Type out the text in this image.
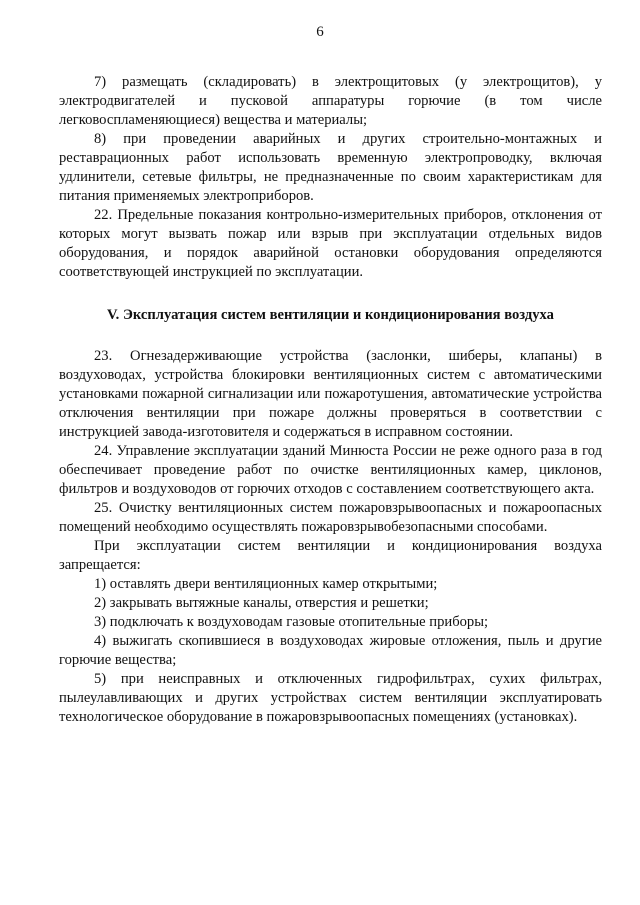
6

7) размещать (складировать) в электрощитовых (у электрощитов), у электродвигателей и пусковой аппаратуры горючие (в том числе легковоспламеняющиеся) вещества и материалы;

8) при проведении аварийных и других строительно-монтажных и реставрационных работ использовать временную электропроводку, включая удлинители, сетевые фильтры, не предназначенные по своим характеристикам для питания применяемых электроприборов.

22. Предельные показания контрольно-измерительных приборов, отклонения от которых могут вызвать пожар или взрыв при эксплуатации отдельных видов оборудования, и порядок аварийной остановки оборудования определяются соответствующей инструкцией по эксплуатации.

V. Эксплуатация систем вентиляции и кондиционирования воздуха

23. Огнезадерживающие устройства (заслонки, шиберы, клапаны) в воздуховодах, устройства блокировки вентиляционных систем с автоматическими установками пожарной сигнализации или пожаротушения, автоматические устройства отключения вентиляции при пожаре должны проверяться в соответствии с инструкцией завода-изготовителя и содержаться в исправном состоянии.

24. Управление эксплуатации зданий Минюста России не реже одного раза в год обеспечивает проведение работ по очистке вентиляционных камер, циклонов, фильтров и воздуховодов от горючих отходов с составлением соответствующего акта.

25. Очистку вентиляционных систем пожаровзрывоопасных и пожароопасных помещений необходимо осуществлять пожаровзрывобезопасными способами.

При эксплуатации систем вентиляции и кондиционирования воздуха запрещается:

1) оставлять двери вентиляционных камер открытыми;

2) закрывать вытяжные каналы, отверстия и решетки;

3) подключать к воздуховодам газовые отопительные приборы;

4) выжигать скопившиеся в воздуховодах жировые отложения, пыль и другие горючие вещества;

5) при неисправных и отключенных гидрофильтрах, сухих фильтрах, пылеулавливающих и других устройствах систем вентиляции эксплуатировать технологическое оборудование в пожаровзрывоопасных помещениях (установках).
